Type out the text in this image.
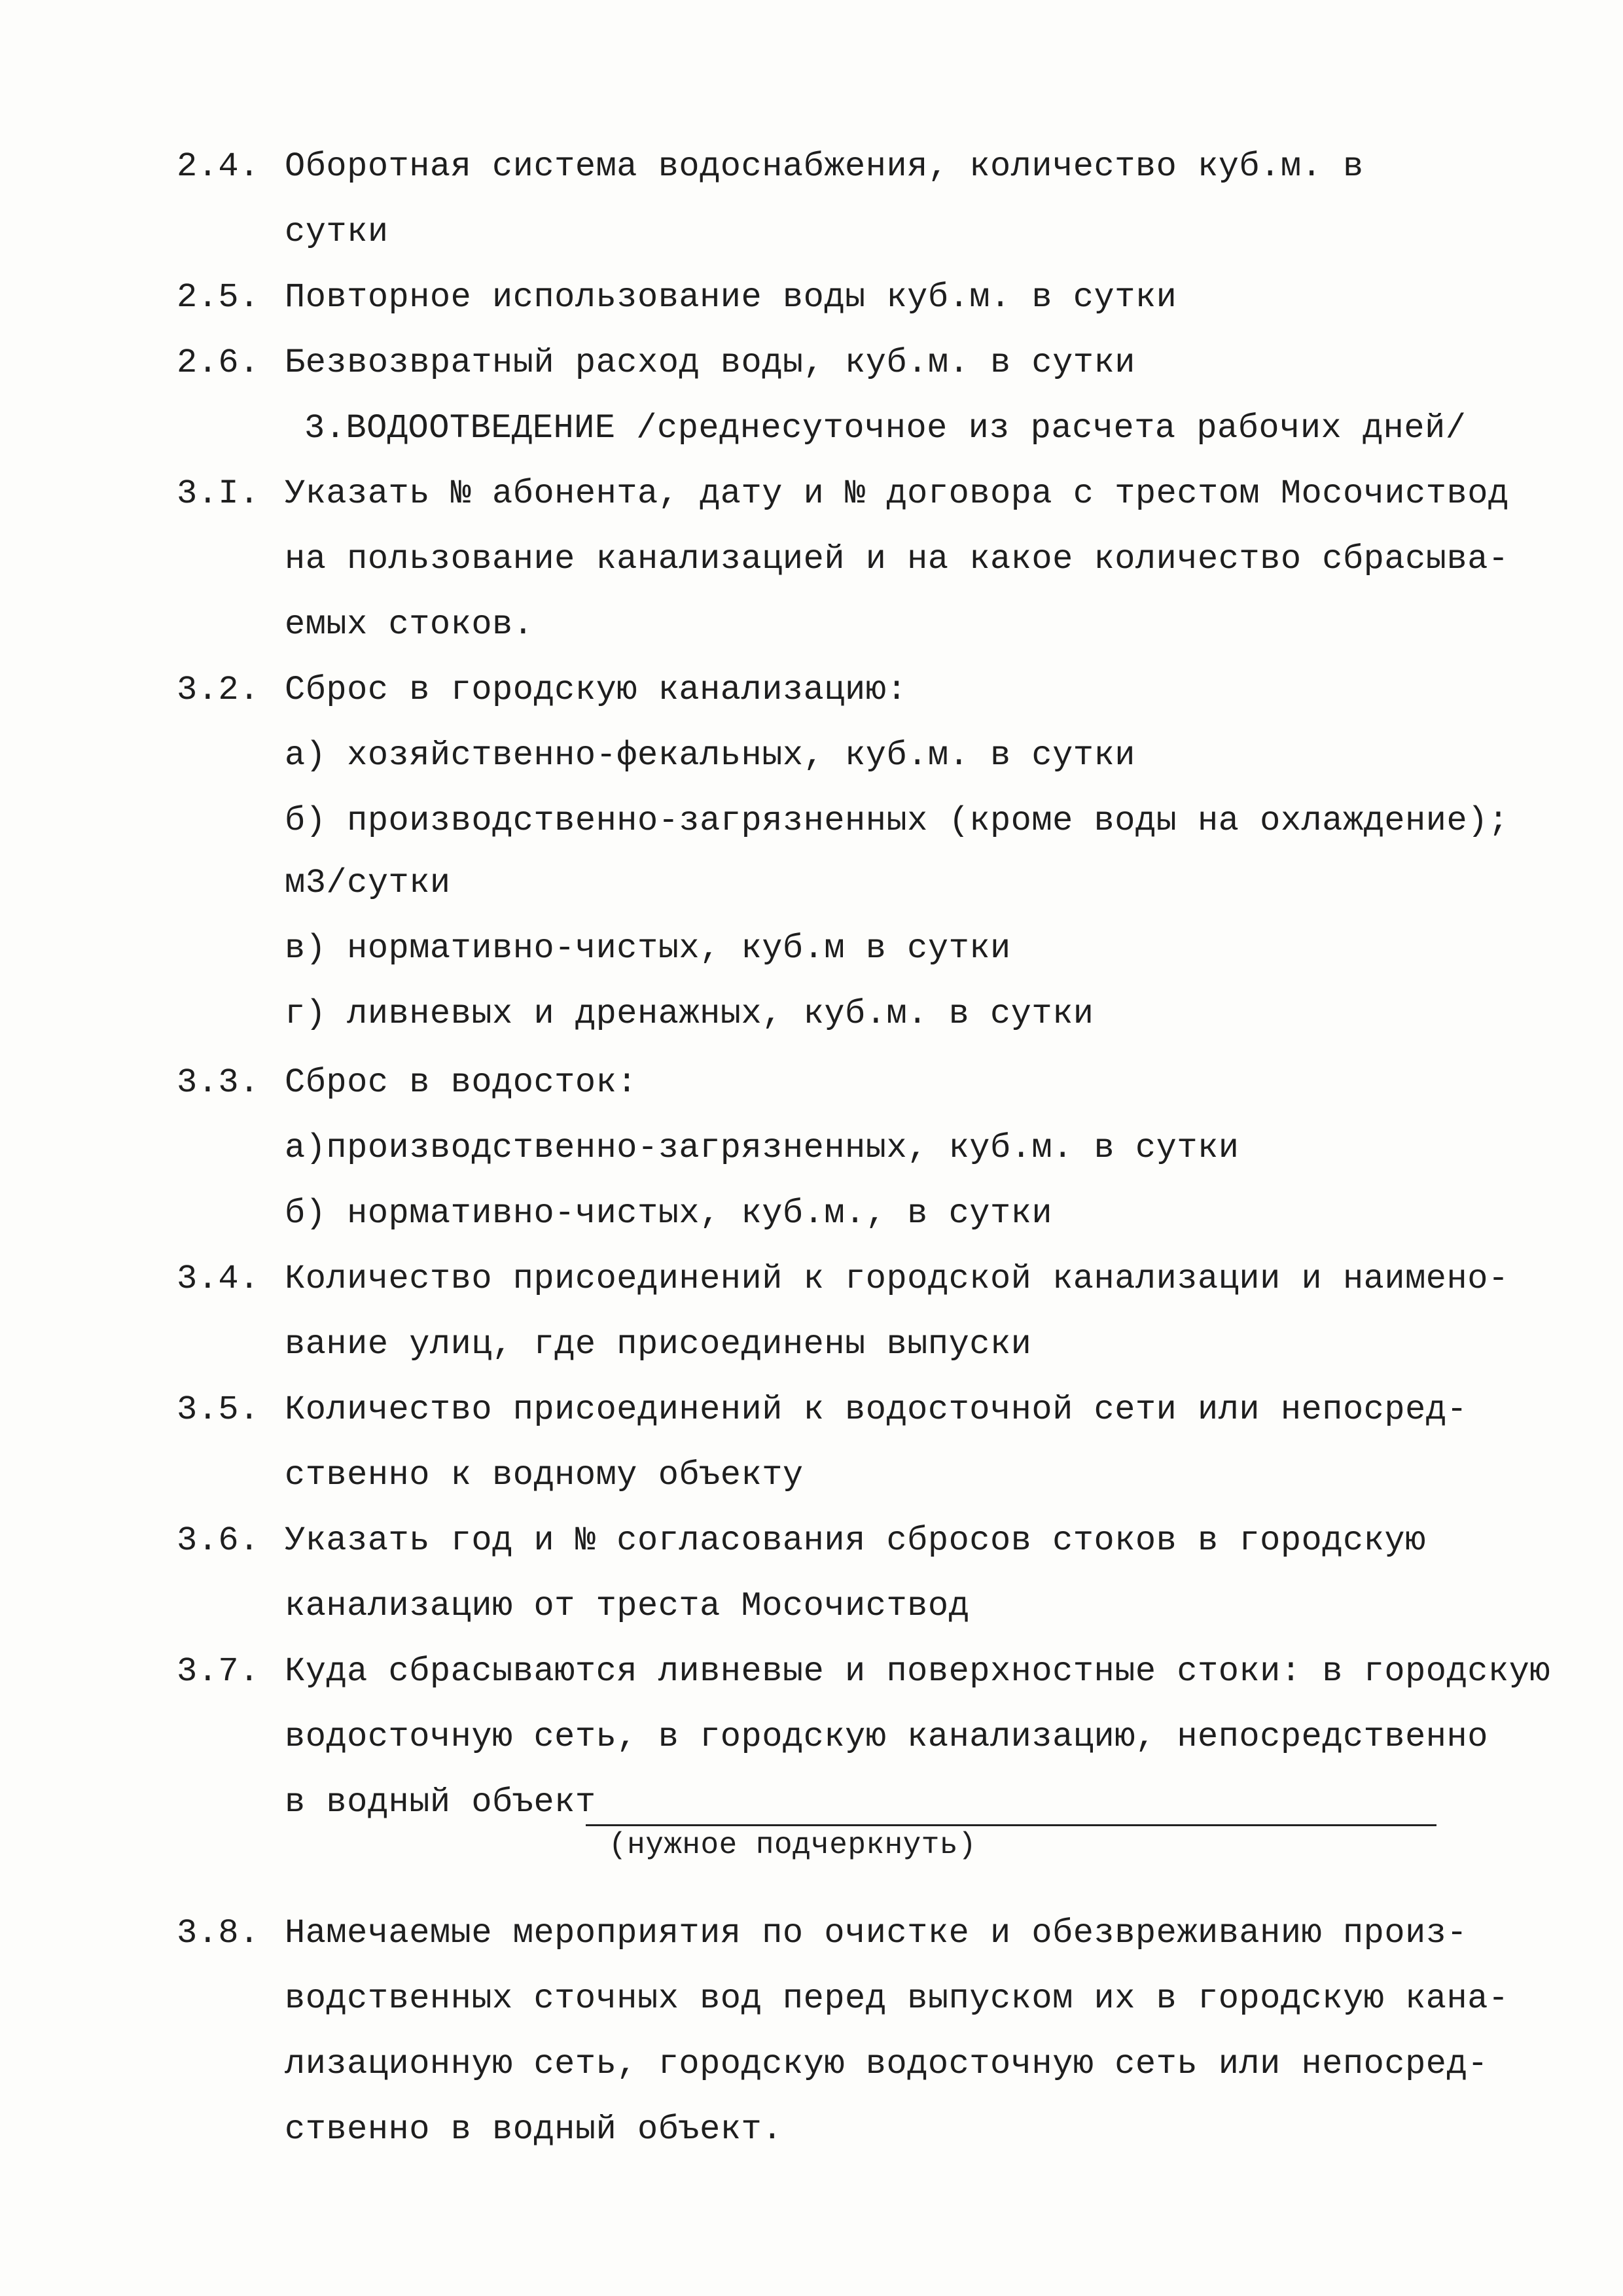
2.4. Оборотная система водоснабжения, количество куб.м. в
сутки
2.5. Повторное использование воды куб.м. в сутки
2.6. Безвозвратный расход воды, куб.м. в сутки
3.ВОДООТВЕДЕНИЕ /среднесуточное из расчета рабочих дней/
3.I. Указать № абонента, дату и № договора с трестом Мосочиствод
на пользование канализацией и на какое количество сбрасыва-
емых стоков.
3.2. Сброс в городскую канализацию:
а) хозяйственно-фекальных, куб.м. в сутки
б) производственно-загрязненных (кроме воды на охлаждение);
м3/сутки
в) нормативно-чистых, куб.м в сутки
г) ливневых и дренажных, куб.м. в сутки
3.3. Сброс в водосток:
а)производственно-загрязненных, куб.м. в сутки
б) нормативно-чистых, куб.м., в сутки
3.4. Количество присоединений к городской канализации и наимено-
вание улиц, где присоединены выпуски
3.5. Количество присоединений к водосточной сети или непосред-
ственно к водному объекту
3.6. Указать год и № согласования сбросов стоков в городскую
канализацию от треста Мосочиствод
3.7. Куда сбрасываются ливневые и поверхностные стоки: в городскую
водосточную сеть, в городскую канализацию, непосредственно
в водный объект
(нужное подчеркнуть)
3.8. Намечаемые мероприятия по очистке и обезвреживанию произ-
водственных сточных вод перед выпуском их в городскую кана-
лизационную сеть, городскую водосточную сеть или непосред-
ственно в водный объект.
